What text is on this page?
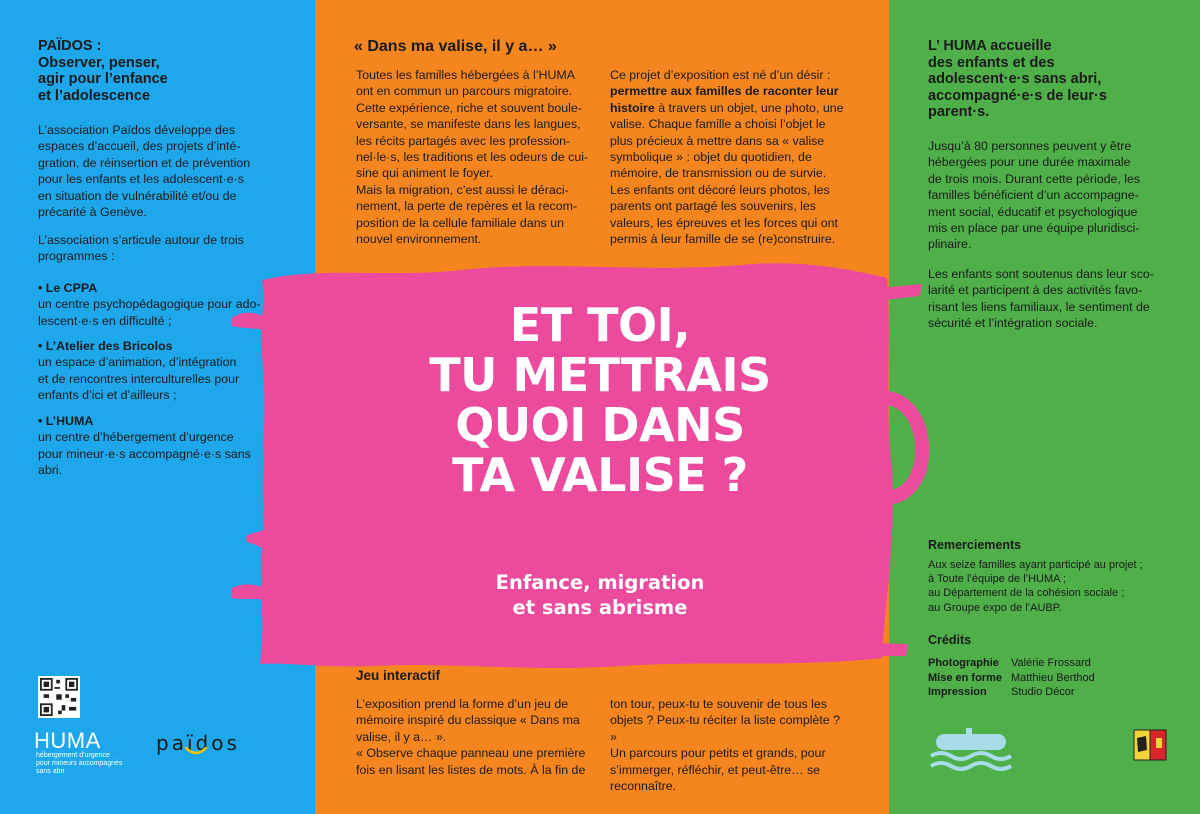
PAÏDOS :
Observer, penser,
agir pour l’enfance
et l’adolescence
L’association Païdos développe des
espaces d’accueil, des projets d’inté-
gration, de réinsertion et de prévention
pour les enfants et les adolescent·e·s
en situation de vulnérabilité et/ou de
précarité à Genève.
L’association s’articule autour de trois
programmes :
• Le CPPA
un centre psychopédagogique pour ado-
lescent·e·s en difficulté ;
• L’Atelier des Bricolos
un espace d’animation, d’intégration
et de rencontres interculturelles pour
enfants d’ici et d’ailleurs ;
• L’HUMA
un centre d’hébergement d’urgence
pour mineur·e·s accompagné·e·s sans
abri.
« Dans ma valise, il y a… »
Toutes les familles hébergées à l’HUMA
ont en commun un parcours migratoire.
Cette expérience, riche et souvent boule-
versante, se manifeste dans les langues,
les récits partagés avec les profession-
nel·le·s, les traditions et les odeurs de cui-
sine qui animent le foyer.
Mais la migration, c’est aussi le déraci-
nement, la perte de repères et la recom-
position de la cellule familiale dans un
nouvel environnement.
Ce projet d’exposition est né d’un désir :
permettre aux familles de raconter leur
histoire à travers un objet, une photo, une
valise. Chaque famille a choisi l’objet le
plus précieux à mettre dans sa « valise
symbolique » : objet du quotidien, de
mémoire, de transmission ou de survie.
Les enfants ont décoré leurs photos, les
parents ont partagé les souvenirs, les
valeurs, les épreuves et les forces qui ont
permis à leur famille de se (re)construire.
Jeu interactif
L’exposition prend la forme d’un jeu de
mémoire inspiré du classique « Dans ma
valise, il y a… ».
« Observe chaque panneau une première
fois en lisant les listes de mots. À la fin de
ton tour, peux-tu te souvenir de tous les
objets ? Peux-tu réciter la liste complète ? »
Un parcours pour petits et grands, pour
s’immerger, réfléchir, et peut-être… se
reconnaître.
L’ HUMA accueille
des enfants et des
adolescent·e·s sans abri,
accompagné·e·s de leur·s
parent·s.
Jusqu’à 80 personnes peuvent y être
hébergées pour une durée maximale
de trois mois. Durant cette période, les
familles bénéficient d’un accompagne-
ment social, éducatif et psychologique
mis en place par une équipe pluridisci-
plinaire.
Les enfants sont soutenus dans leur sco-
larité et participent à des activités favo-
risant les liens familiaux, le sentiment de
sécurité et l’intégration sociale.
Remerciements
Aux seize familles ayant participé au projet ;
à Toute l’équipe de l’HUMA ;
au Département de la cohésion sociale ;
au Groupe expo de l’AUBP.
Crédits
Photographie Valérie Frossard
Mise en forme Matthieu Berthod
Impression Studio Décor
ET TOI,
TU METTRAIS
QUOI DANS
TA VALISE ?
Enfance, migration
et sans abrisme
HUMA
hébergement d’urgence
pour mineurs accompagnés
sans abri
païdos
